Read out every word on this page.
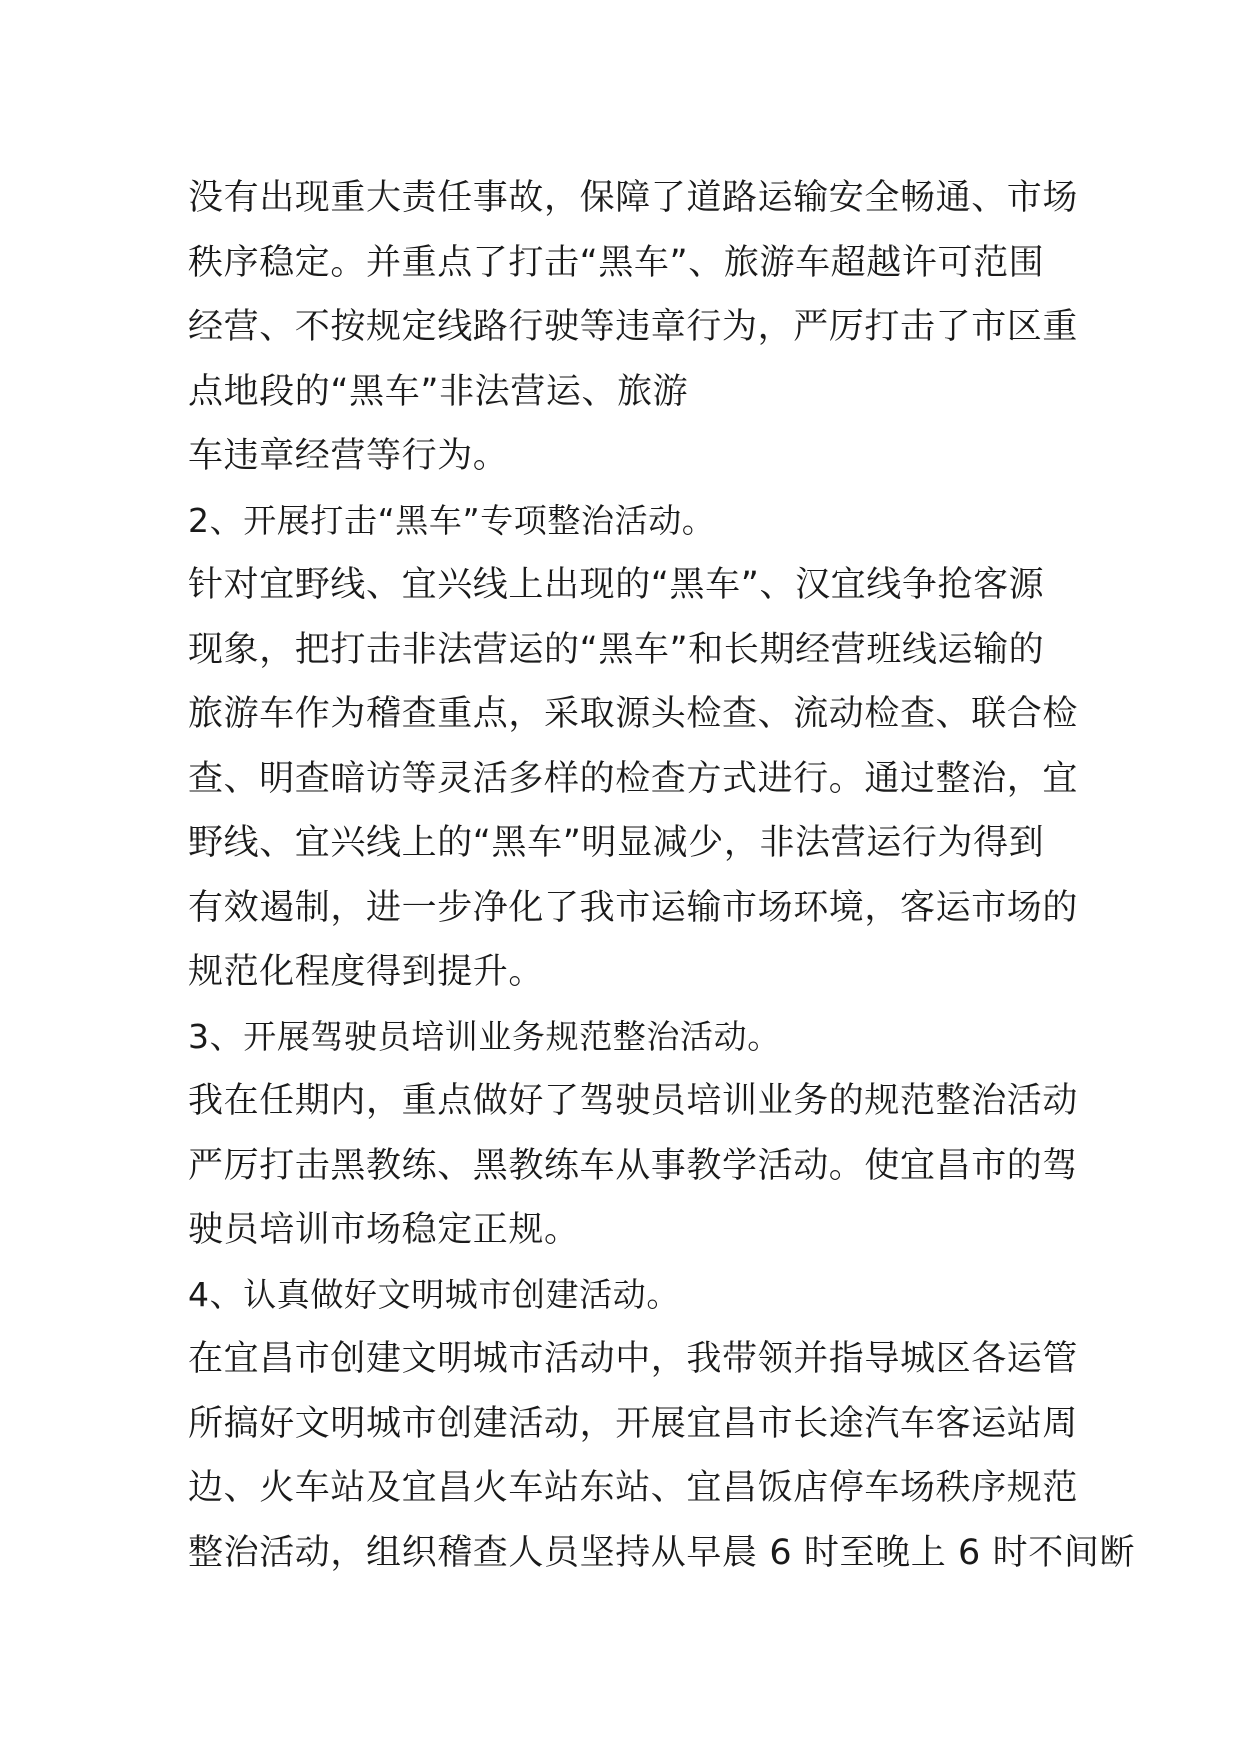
没有出现重大责任事故，保障了道路运输安全畅通、市场
秩序稳定。并重点了打击“黑车”、旅游车超越许可范围
经营、不按规定线路行驶等违章行为，严厉打击了市区重
点地段的“黑车”非法营运、旅游
车违章经营等行为。
2、开展打击“黑车”专项整治活动。
针对宜野线、宜兴线上出现的“黑车”、汉宜线争抢客源
现象，把打击非法营运的“黑车”和长期经营班线运输的
旅游车作为稽查重点，采取源头检查、流动检查、联合检
查、明查暗访等灵活多样的检查方式进行。通过整治，宜
野线、宜兴线上的“黑车”明显减少，非法营运行为得到
有效遏制，进一步净化了我市运输市场环境，客运市场的
规范化程度得到提升。
3、开展驾驶员培训业务规范整治活动。
我在任期内，重点做好了驾驶员培训业务的规范整治活动
严厉打击黑教练、黑教练车从事教学活动。使宜昌市的驾
驶员培训市场稳定正规。
4、认真做好文明城市创建活动。
在宜昌市创建文明城市活动中，我带领并指导城区各运管
所搞好文明城市创建活动，开展宜昌市长途汽车客运站周
边、火车站及宜昌火车站东站、宜昌饭店停车场秩序规范
整治活动，组织稽查人员坚持从早晨 6 时至晚上 6 时不间断
